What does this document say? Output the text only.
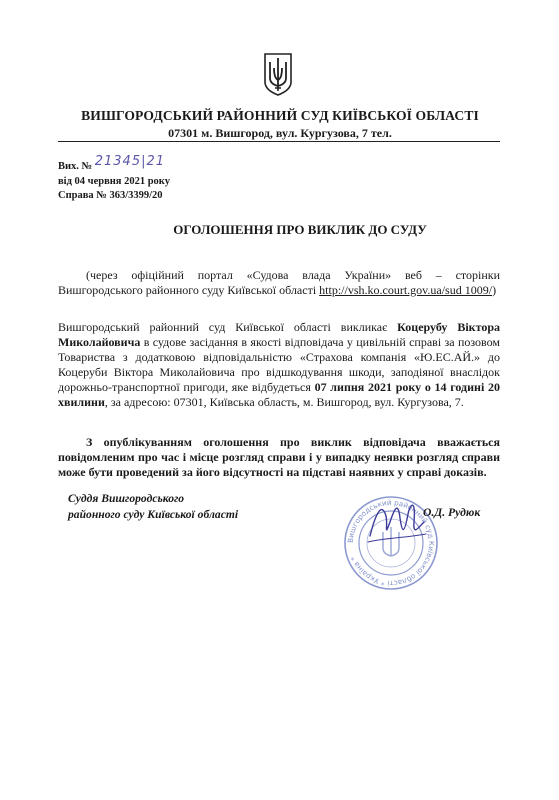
ВИШГОРОДСЬКИЙ РАЙОННИЙ СУД КИЇВСЬКОЇ ОБЛАСТІ
07301 м. Вишгород, вул. Кургузова, 7 тел.
Вих. № 21345|21
від 04 червня 2021 року
Справа № 363/3399/20
ОГОЛОШЕННЯ ПРО ВИКЛИК ДО СУДУ
(через офіційний портал «Судова влада України» веб – сторінки Вишгородського районного суду Київської області http://vsh.ko.court.gov.ua/sud 1009/)
Вишгородський районний суд Київської області викликає Коцерубу Віктора Миколайовича в судове засідання в якості відповідача у цивільній справі за позовом Товариства з додатковою відповідальністю «Страхова компанія «Ю.ЕС.АЙ.» до Коцеруби Віктора Миколайовича про відшкодування шкоди, заподіяної внаслідок дорожньо-транспортної пригоди, яке відбудеться 07 липня 2021 року о 14 годині 20 хвилини, за адресою: 07301, Київська область, м. Вишгород, вул. Кургузова, 7.
З опублікуванням оголошення про виклик відповідача вважається повідомленим про час і місце розгляд справи і у випадку неявки розгляд справи може бути проведений за його відсутності на підставі наявних у справі доказів.
Вишгородський районний суд Київської області * Україна *
Суддя Вишгородського
районного суду Київської області	О.Д. Рудюк
